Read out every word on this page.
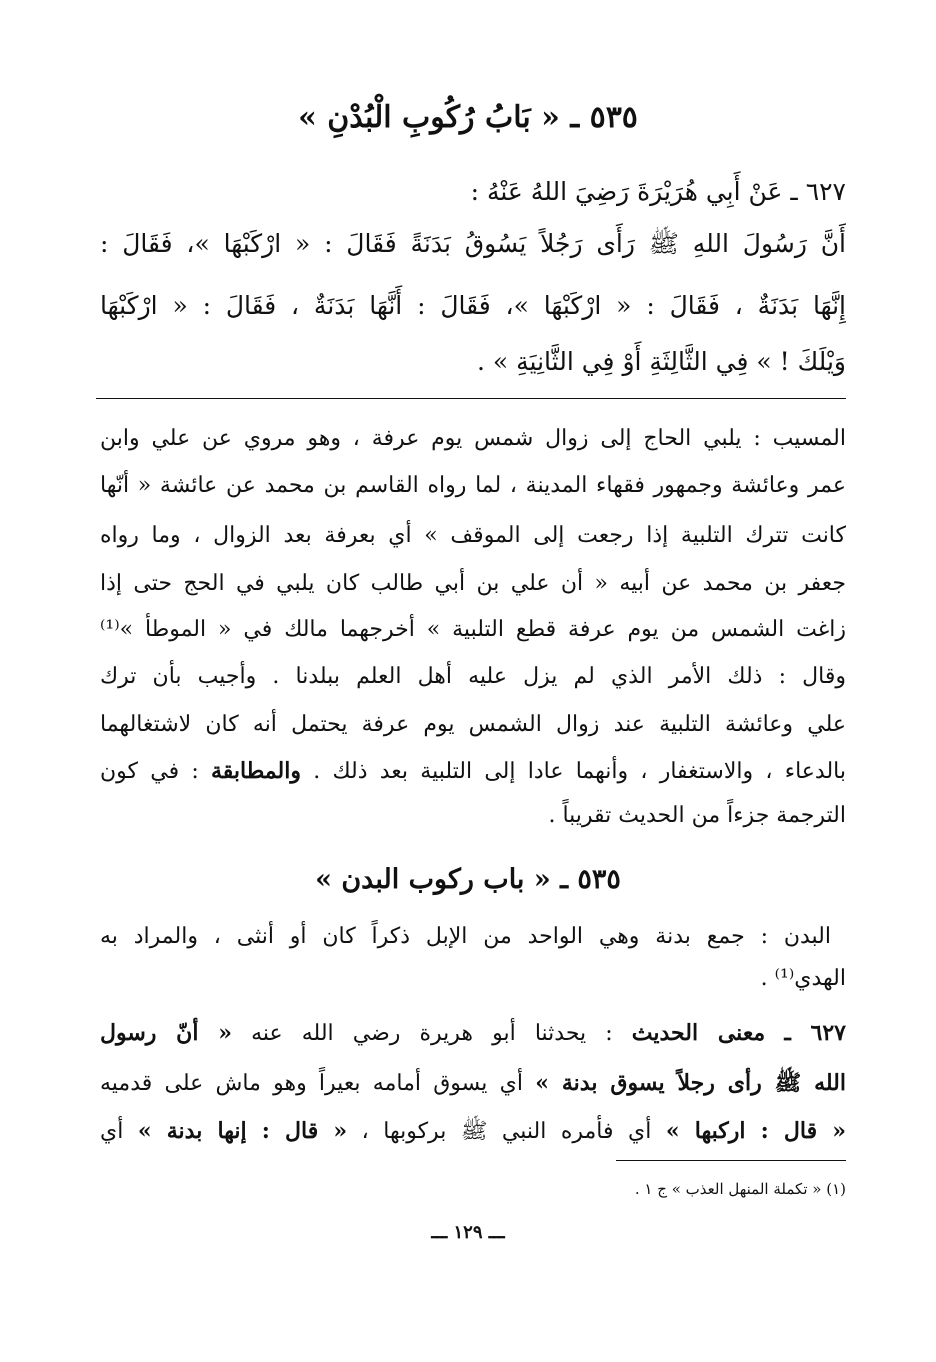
٥٣٥ ـ « بَابُ رُكُوبِ الْبُدْنِ »
٦٢٧ ـ عَنْ أَبِي هُرَيْرَةَ رَضِيَ اللهُ عَنْهُ :
أَنَّ رَسُولَ اللهِ ﷺ رَأَى رَجُلاً يَسُوقُ بَدَنَةً فَقَالَ : « ارْكَبْهَا »، فَقَالَ :
إِنَّهَا بَدَنَةٌ ، فَقَالَ : « ارْكَبْهَا »، فَقَالَ : أَنَّهَا بَدَنَةٌ ، فَقَالَ : « ارْكَبْهَا
وَيْلَكَ ! » فِي الثَّالِثَةِ أَوْ فِي الثَّانِيَةِ » .
المسيب : يلبي الحاج إلى زوال شمس يوم عرفة ، وهو مروي عن علي وابن
عمر وعائشة وجمهور فقهاء المدينة ، لما رواه القاسم بن محمد عن عائشة « أنّها
كانت تترك التلبية إذا رجعت إلى الموقف » أي بعرفة بعد الزوال ، وما رواه
جعفر بن محمد عن أبيه « أن علي بن أبي طالب كان يلبي في الحج حتى إذا
زاغت الشمس من يوم عرفة قطع التلبية » أخرجهما مالك في « الموطأ »⁽¹⁾
وقال : ذلك الأمر الذي لم يزل عليه أهل العلم ببلدنا . وأجيب بأن ترك
علي وعائشة التلبية عند زوال الشمس يوم عرفة يحتمل أنه كان لاشتغالهما
بالدعاء ، والاستغفار ، وأنهما عادا إلى التلبية بعد ذلك . والمطابقة : في كون
الترجمة جزءاً من الحديث تقريباً .
٥٣٥ ـ « باب ركوب البدن »
البدن : جمع بدنة وهي الواحد من الإبل ذكراً كان أو أنثى ، والمراد به
الهدي⁽¹⁾ .
٦٢٧ ـ معنى الحديث : يحدثنا أبو هريرة رضي الله عنه « أنّ رسول
الله ﷺ رأى رجلاً يسوق بدنة » أي يسوق أمامه بعيراً وهو ماش على قدميه
« قال : اركبها » أي فأمره النبي ﷺ بركوبها ، « قال : إنها بدنة » أي
(١) « تكملة المنهل العذب » ج ١ .
ـــ ١٢٩ ـــ
